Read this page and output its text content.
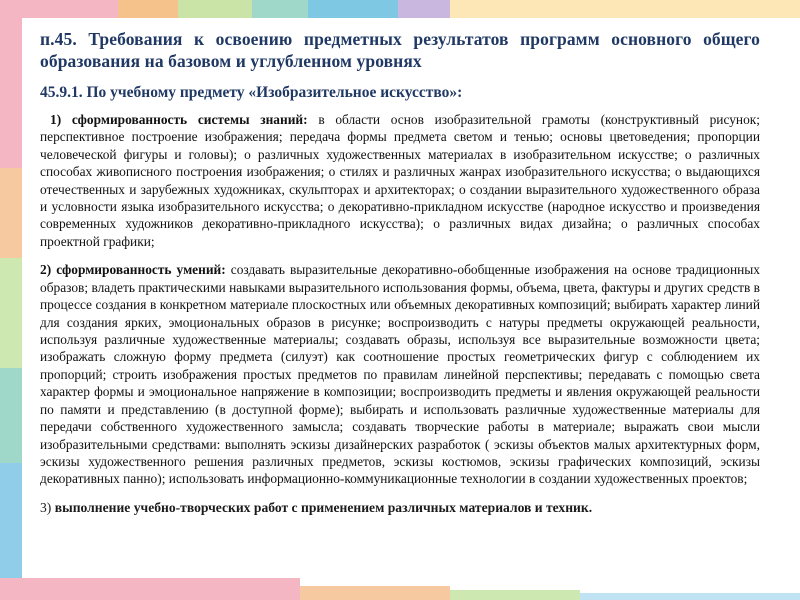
п.45. Требования к освоению предметных результатов программ основного общего образования на базовом и углубленном уровнях
45.9.1. По учебному предмету «Изобразительное искусство»:

1) сформированность системы знаний: в области основ изобразительной грамоты (конструктивный рисунок; перспективное построение изображения; передача формы предмета светом и тенью; основы цветоведения; пропорции человеческой фигуры и головы); о различных художественных материалах в изобразительном искусстве; о различных способах живописного построения изображения; о стилях и различных жанрах изобразительного искусства; о выдающихся отечественных и зарубежных художниках, скульпторах и архитекторах; о создании выразительного художественного образа и условности языка изобразительного искусства; о декоративно-прикладном искусстве (народное искусство и произведения современных художников декоративно-прикладного искусства); о различных видах дизайна; о различных способах проектной графики;

2) сформированность умений: создавать выразительные декоративно-обобщенные изображения на основе традиционных образов; владеть практическими навыками выразительного использования формы, объема, цвета, фактуры и других средств в процессе создания в конкретном материале плоскостных или объемных декоративных композиций; выбирать характер линий для создания ярких, эмоциональных образов в рисунке; воспроизводить с натуры предметы окружающей реальности, используя различные художественные материалы; создавать образы, используя все выразительные возможности цвета; изображать сложную форму предмета (силуэт) как соотношение простых геометрических фигур с соблюдением их пропорций; строить изображения простых предметов по правилам линейной перспективы; передавать с помощью света характер формы и эмоциональное напряжение в композиции; воспроизводить предметы и явления окружающей реальности по памяти и представлению (в доступной форме); выбирать и использовать различные художественные материалы для передачи собственного художественного замысла; создавать творческие работы в материале; выражать свои мысли изобразительными средствами: выполнять эскизы дизайнерских разработок ( эскизы объектов малых архитектурных форм, эскизы художественного решения различных предметов, эскизы костюмов, эскизы графических композиций, эскизы декоративных панно); использовать информационно-коммуникационные технологии в создании художественных проектов;

3) выполнение учебно-творческих работ с применением различных материалов и техник.
